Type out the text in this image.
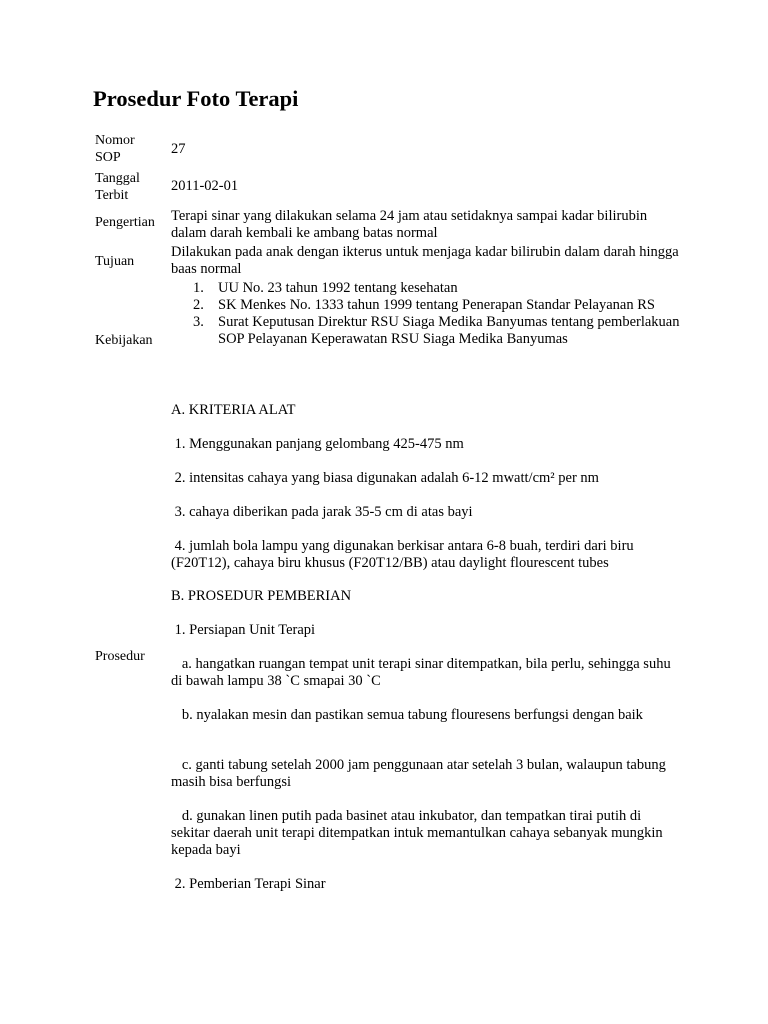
Prosedur Foto Terapi
Nomor SOP
27
Tanggal Terbit
2011-02-01
Pengertian Terapi sinar yang dilakukan selama 24 jam atau setidaknya sampai kadar bilirubin dalam darah kembali ke ambang batas normal
Tujuan
Dilakukan pada anak dengan ikterus untuk menjaga kadar bilirubin dalam darah hingga baas normal
Kebijakan
1. UU No. 23 tahun 1992 tentang kesehatan
2. SK Menkes No. 1333 tahun 1999 tentang Penerapan Standar Pelayanan RS
3. Surat Keputusan Direktur RSU Siaga Medika Banyumas tentang pemberlakuan SOP Pelayanan Keperawatan RSU Siaga Medika Banyumas
Prosedur
A. KRITERIA ALAT
1. Menggunakan panjang gelombang 425-475 nm
2. intensitas cahaya yang biasa digunakan adalah 6-12 mwatt/cm² per nm
3. cahaya diberikan pada jarak 35-5 cm di atas bayi
4. jumlah bola lampu yang digunakan berkisar antara 6-8 buah, terdiri dari biru (F20T12), cahaya biru khusus (F20T12/BB) atau daylight flourescent tubes
B. PROSEDUR PEMBERIAN
1. Persiapan Unit Terapi
a. hangatkan ruangan tempat unit terapi sinar ditempatkan, bila perlu, sehingga suhu di bawah lampu 38 `C smapai 30 `C
b. nyalakan mesin dan pastikan semua tabung flouresens berfungsi dengan baik
c. ganti tabung setelah 2000 jam penggunaan atar setelah 3 bulan, walaupun tabung masih bisa berfungsi
d. gunakan linen putih pada basinet atau inkubator, dan tempatkan tirai putih di sekitar daerah unit terapi ditempatkan intuk memantulkan cahaya sebanyak mungkin kepada bayi
2. Pemberian Terapi Sinar
